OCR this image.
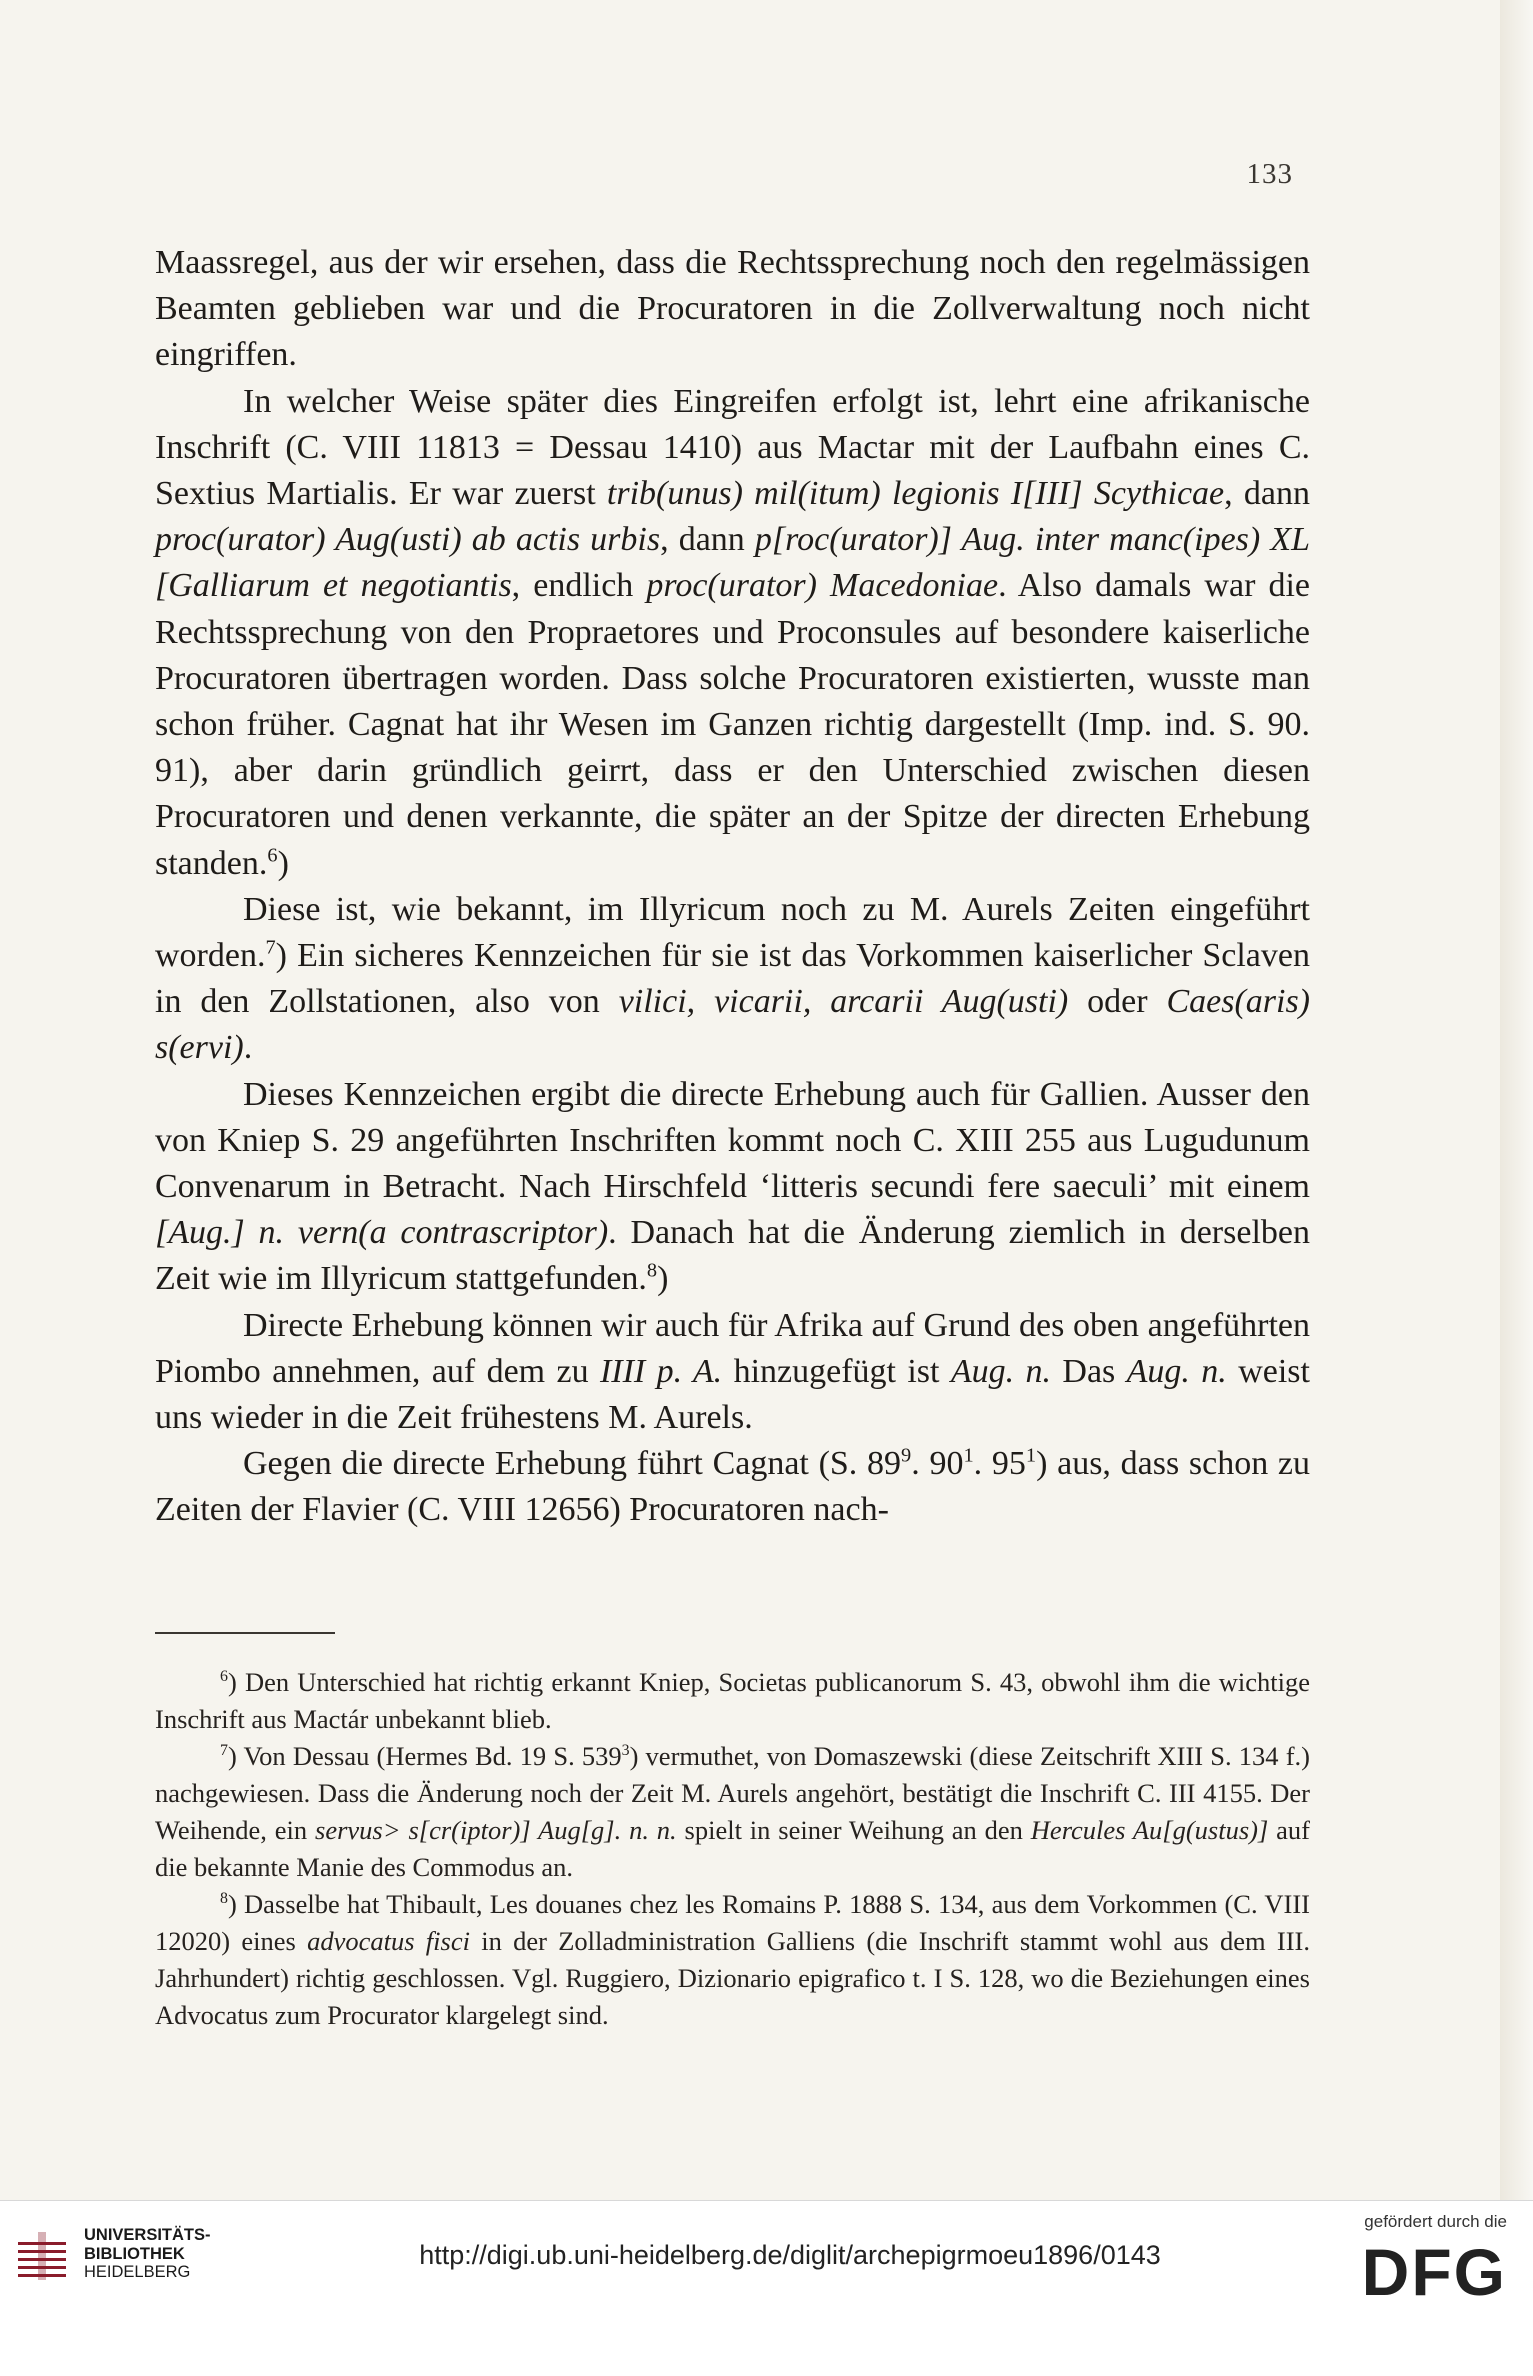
133

Maassregel, aus der wir ersehen, dass die Rechtssprechung noch den regelmässigen Beamten geblieben war und die Procuratoren in die Zollverwaltung noch nicht eingriffen.

In welcher Weise später dies Eingreifen erfolgt ist, lehrt eine afrikanische Inschrift (C. VIII 11813 = Dessau 1410) aus Mactar mit der Laufbahn eines C. Sextius Martialis. Er war zuerst trib(unus) mil(itum) legionis I[III] Scythicae, dann proc(urator) Aug(usti) ab actis urbis, dann p[roc(urator)] Aug. inter manc(ipes) XL [Galliarum et negotiantis, endlich proc(urator) Macedoniae. Also damals war die Rechtssprechung von den Propraetores und Proconsules auf besondere kaiserliche Procuratoren übertragen worden. Dass solche Procuratoren existierten, wusste man schon früher. Cagnat hat ihr Wesen im Ganzen richtig dargestellt (Imp. ind. S. 90. 91), aber darin gründlich geirrt, dass er den Unterschied zwischen diesen Procuratoren und denen verkannte, die später an der Spitze der directen Erhebung standen.$^6$)

Diese ist, wie bekannt, im Illyricum noch zu M. Aurels Zeiten eingeführt worden.$^7$) Ein sicheres Kennzeichen für sie ist das Vorkommen kaiserlicher Sclaven in den Zollstationen, also von vilici, vicarii, arcarii Aug(usti) oder Caes(aris) s(ervi).

Dieses Kennzeichen ergibt die directe Erhebung auch für Gallien. Ausser den von Kniep S. 29 angeführten Inschriften kommt noch C. XIII 255 aus Lugudunum Convenarum in Betracht. Nach Hirschfeld ‘litteris secundi fere saeculi’ mit einem [Aug.] n. vern(a contrascriptor). Danach hat die Änderung ziemlich in derselben Zeit wie im Illyricum stattgefunden.$^8$)

Directe Erhebung können wir auch für Afrika auf Grund des oben angeführten Piombo annehmen, auf dem zu IIII p. A. hinzugefügt ist Aug. n. Das Aug. n. weist uns wieder in die Zeit frühestens M. Aurels.

Gegen die directe Erhebung führt Cagnat (S. $89^9$. $90^1$. $95^1$) aus, dass schon zu Zeiten der Flavier (C. VIII 12656) Procuratoren nach-

$^6$) Den Unterschied hat richtig erkannt Kniep, Societas publicanorum S. 43, obwohl ihm die wichtige Inschrift aus Mactár unbekannt blieb.

$^7$) Von Dessau (Hermes Bd. 19 S. $539^3$) vermuthet, von Domaszewski (diese Zeitschrift XIII S. 134 f.) nachgewiesen. Dass die Änderung noch der Zeit M. Aurels angehört, bestätigt die Inschrift C. III 4155. Der Weihende, ein servus> s[cr(iptor)] Aug[g]. n. n. spielt in seiner Weihung an den Hercules Au[g(ustus)] auf die bekannte Manie des Commodus an.

$^8$) Dasselbe hat Thibault, Les douanes chez les Romains P. 1888 S. 134, aus dem Vorkommen (C. VIII 12020) eines advocatus fisci in der Zolladministration Galliens (die Inschrift stammt wohl aus dem III. Jahrhundert) richtig geschlossen. Vgl. Ruggiero, Dizionario epigrafico t. I S. 128, wo die Beziehungen eines Advocatus zum Procurator klargelegt sind.

UNIVERSITÄTS-
BIBLIOTHEK
HEIDELBERG
http://digi.ub.uni-heidelberg.de/diglit/archepigrmoeu1896/0143
gefördert durch die
DFG
